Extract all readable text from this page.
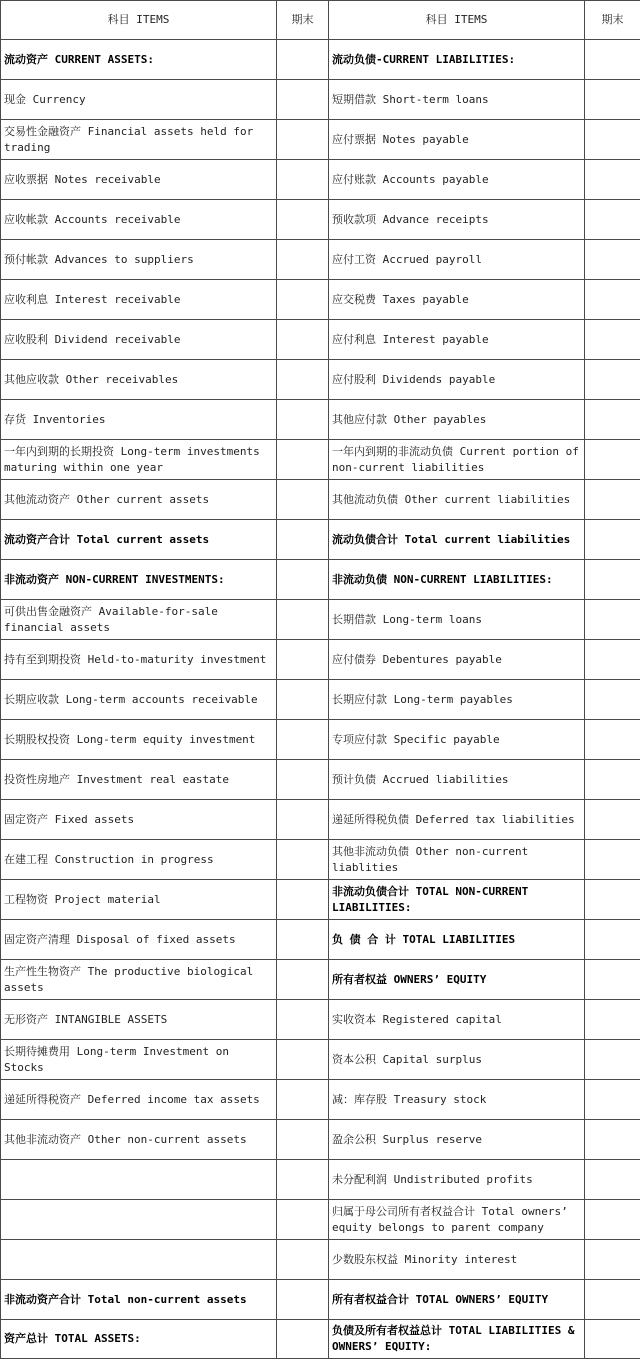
科目 ITEMS	期末	科目 ITEMS	期末
流动资产 CURRENT ASSETS:		流动负债-CURRENT LIABILITIES:	
现金 Currency		短期借款 Short-term loans	
交易性金融资产 Financial assets held for trading		应付票据 Notes payable	
应收票据 Notes receivable		应付账款 Accounts payable	
应收帐款 Accounts receivable		预收款项 Advance receipts	
预付帐款 Advances to suppliers		应付工资 Accrued payroll	
应收利息 Interest receivable		应交税费 Taxes payable	
应收股利 Dividend receivable		应付利息 Interest payable	
其他应收款 Other receivables		应付股利 Dividends payable	
存货 Inventories		其他应付款 Other payables	
一年内到期的长期投资 Long-term investments maturing within one year		一年内到期的非流动负债 Current portion of non-current liabilities	
其他流动资产 Other current assets		其他流动负债 Other current liabilities	
流动资产合计 Total current assets		流动负债合计 Total current liabilities	
非流动资产 NON-CURRENT INVESTMENTS:		非流动负债 NON-CURRENT LIABILITIES:	
可供出售金融资产 Available-for-sale financial assets		长期借款 Long-term loans	
持有至到期投资 Held-to-maturity investment		应付债券 Debentures payable	
长期应收款 Long-term accounts receivable		长期应付款 Long-term payables	
长期股权投资 Long-term equity investment		专项应付款 Specific payable	
投资性房地产 Investment real eastate		预计负债 Accrued liabilities	
固定资产 Fixed assets		递延所得税负债 Deferred tax liabilities	
在建工程 Construction in progress		其他非流动负债 Other non-current liablities	
工程物资 Project material		非流动负债合计 TOTAL NON-CURRENT LIABILITIES:	
固定资产清理 Disposal of fixed assets		负 债 合 计 TOTAL LIABILITIES	
生产性生物资产 The productive biological assets		所有者权益 OWNERS’ EQUITY	
无形资产 INTANGIBLE ASSETS		实收资本 Registered capital	
长期待摊费用 Long-term Investment on Stocks		资本公积 Capital surplus	
递延所得税资产 Deferred income tax assets		减：库存股 Treasury stock	
其他非流动资产 Other non-current assets		盈余公积 Surplus reserve	
		未分配利润 Undistributed profits	
		归属于母公司所有者权益合计 Total owners’ equity belongs to parent company	
		少数股东权益 Minority interest	
非流动资产合计 Total non-current assets		所有者权益合计 TOTAL OWNERS’ EQUITY	
资产总计 TOTAL ASSETS:		负债及所有者权益总计 TOTAL LIABILITIES & OWNERS’ EQUITY:	
